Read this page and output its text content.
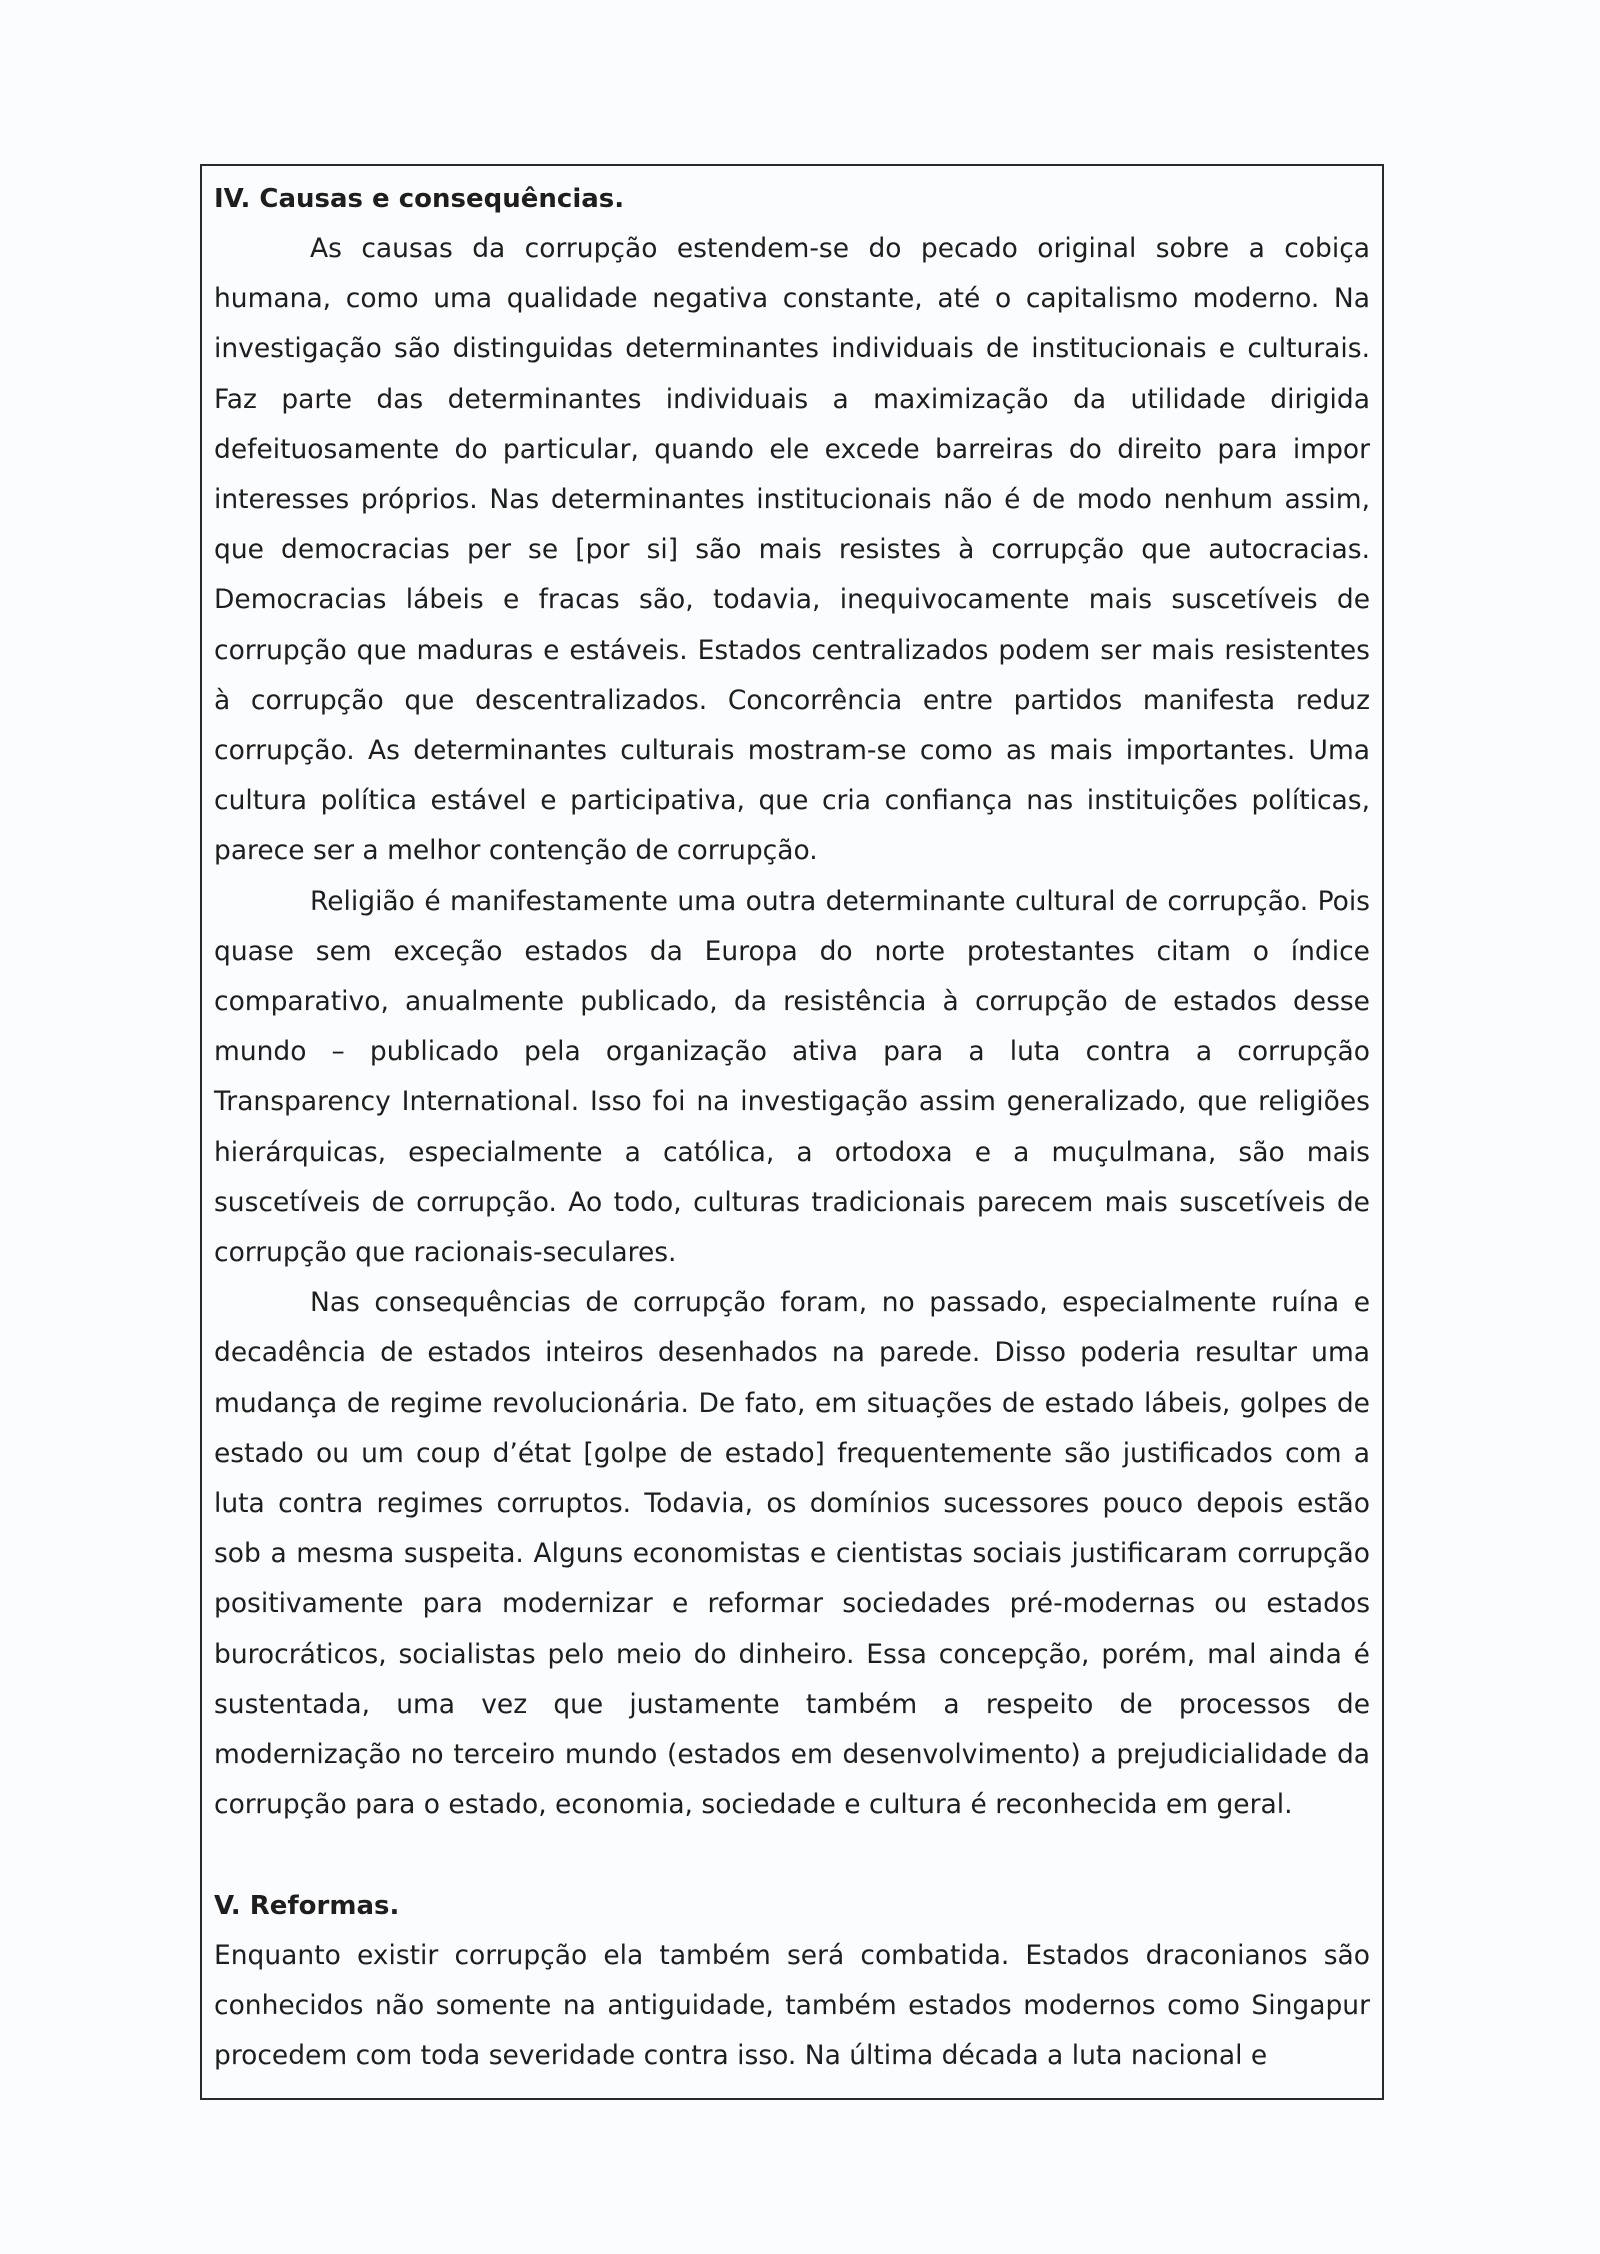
IV. Causas e consequências.

As causas da corrupção estendem-se do pecado original sobre a cobiça humana, como uma qualidade negativa constante, até o capitalismo moderno. Na investigação são distinguidas determinantes individuais de institucionais e culturais. Faz parte das determinantes individuais a maximização da utilidade dirigida defeituosamente do particular, quando ele excede barreiras do direito para impor interesses próprios. Nas determinantes institucionais não é de modo nenhum assim, que democracias per se [por si] são mais resistes à corrupção que autocracias. Democracias lábeis e fracas são, todavia, inequivocamente mais suscetíveis de corrupção que maduras e estáveis. Estados centralizados podem ser mais resistentes à corrupção que descentralizados. Concorrência entre partidos manifesta reduz corrupção. As determinantes culturais mostram-se como as mais importantes. Uma cultura política estável e participativa, que cria confiança nas instituições políticas, parece ser a melhor contenção de corrupção.

Religião é manifestamente uma outra determinante cultural de corrupção. Pois quase sem exceção estados da Europa do norte protestantes citam o índice comparativo, anualmente publicado, da resistência à corrupção de estados desse mundo – publicado pela organização ativa para a luta contra a corrupção Transparency International. Isso foi na investigação assim generalizado, que religiões hierárquicas, especialmente a católica, a ortodoxa e a muçulmana, são mais suscetíveis de corrupção. Ao todo, culturas tradicionais parecem mais suscetíveis de corrupção que racionais-seculares.

Nas consequências de corrupção foram, no passado, especialmente ruína e decadência de estados inteiros desenhados na parede. Disso poderia resultar uma mudança de regime revolucionária. De fato, em situações de estado lábeis, golpes de estado ou um coup d’état [golpe de estado] frequentemente são justificados com a luta contra regimes corruptos. Todavia, os domínios sucessores pouco depois estão sob a mesma suspeita. Alguns economistas e cientistas sociais justificaram corrupção positivamente para modernizar e reformar sociedades pré-modernas ou estados burocráticos, socialistas pelo meio do dinheiro. Essa concepção, porém, mal ainda é sustentada, uma vez que justamente também a respeito de processos de modernização no terceiro mundo (estados em desenvolvimento) a prejudicialidade da corrupção para o estado, economia, sociedade e cultura é reconhecida em geral.

V. Reformas.

Enquanto existir corrupção ela também será combatida. Estados draconianos são conhecidos não somente na antiguidade, também estados modernos como Singapur procedem com toda severidade contra isso. Na última década a luta nacional e
